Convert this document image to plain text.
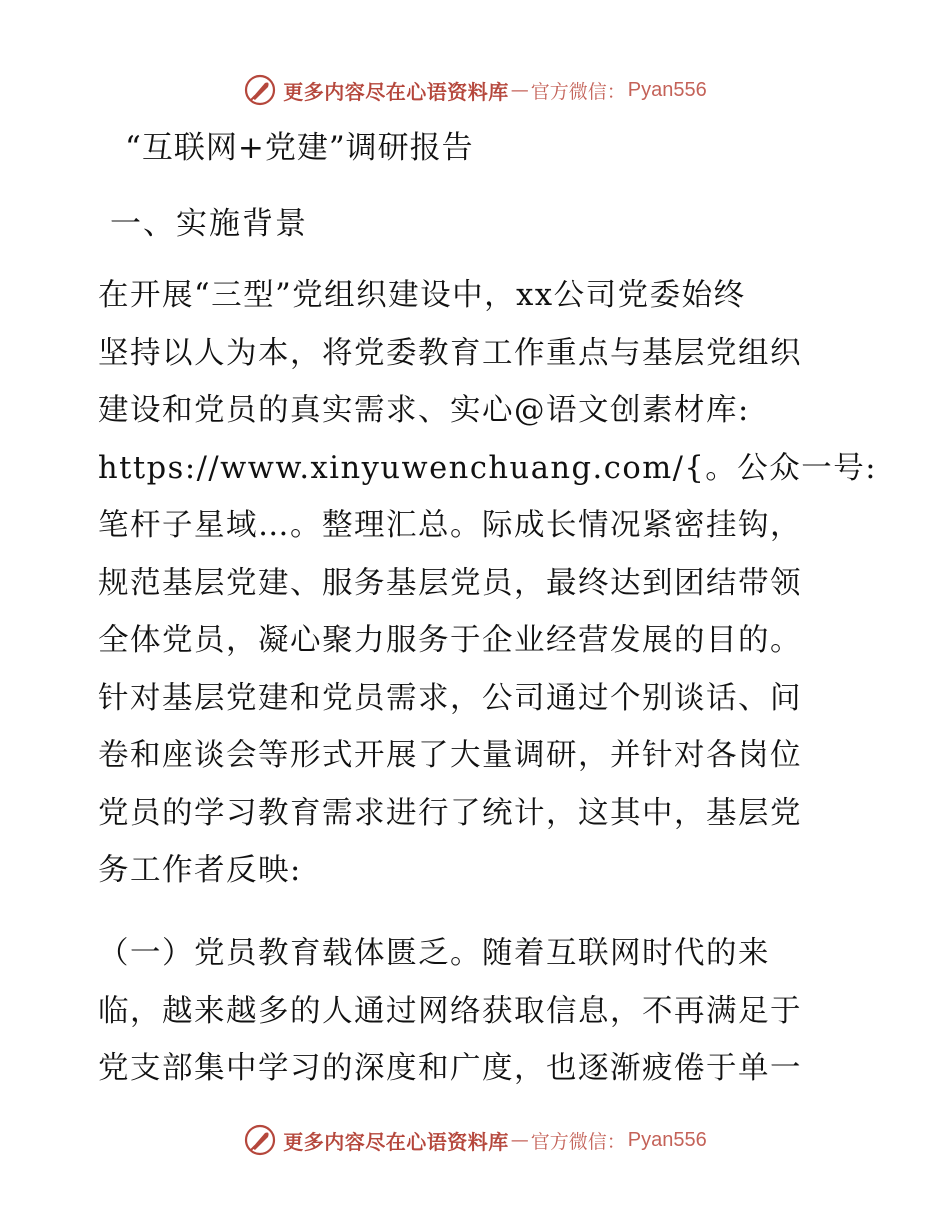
更多内容尽在心语资料库 — 官方微信： Pyan556
“互联网+党建”调研报告
一、实施背景
在开展“三型”党组织建设中，xx公司党委始终
坚持以人为本，将党委教育工作重点与基层党组织
建设和党员的真实需求、实心@语文创素材库:
https://www.xinyuwenchuang.com/{。公众一号:
笔杆子星域…。整理汇总。际成长情况紧密挂钩，
规范基层党建、服务基层党员，最终达到团结带领
全体党员，凝心聚力服务于企业经营发展的目的。
针对基层党建和党员需求，公司通过个别谈话、问
卷和座谈会等形式开展了大量调研，并针对各岗位
党员的学习教育需求进行了统计，这其中，基层党
务工作者反映:
（一）党员教育载体匮乏。随着互联网时代的来
临，越来越多的人通过网络获取信息，不再满足于
党支部集中学习的深度和广度，也逐渐疲倦于单一
更多内容尽在心语资料库 — 官方微信： Pyan556
